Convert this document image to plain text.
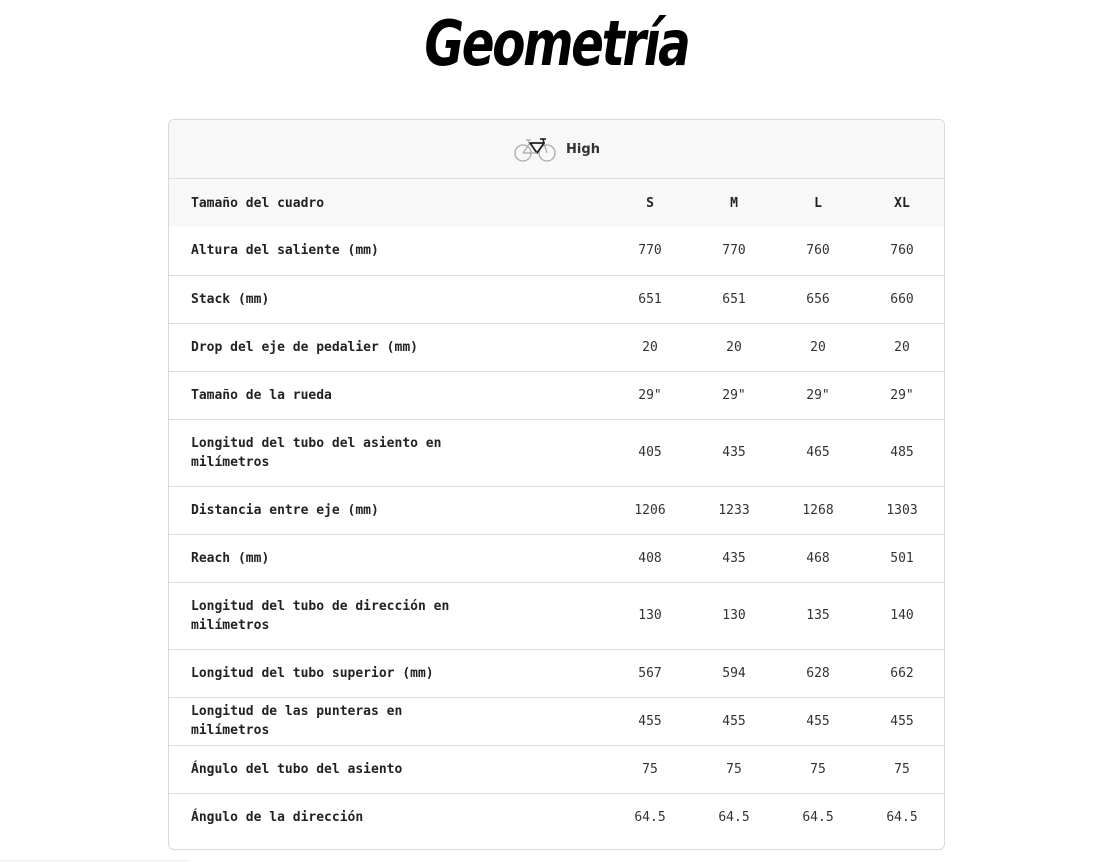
Geometría
High
Tamaño del cuadro	S	M	L	XL
Altura del saliente (mm)	770	770	760	760
Stack (mm)	651	651	656	660
Drop del eje de pedalier (mm)	20	20	20	20
Tamaño de la rueda	29"	29"	29"	29"
Longitud del tubo del asiento en milímetros	405	435	465	485
Distancia entre eje (mm)	1206	1233	1268	1303
Reach (mm)	408	435	468	501
Longitud del tubo de dirección en milímetros	130	130	135	140
Longitud del tubo superior (mm)	567	594	628	662
Longitud de las punteras en milímetros	455	455	455	455
Ángulo del tubo del asiento	75	75	75	75
Ángulo de la dirección	64.5	64.5	64.5	64.5
